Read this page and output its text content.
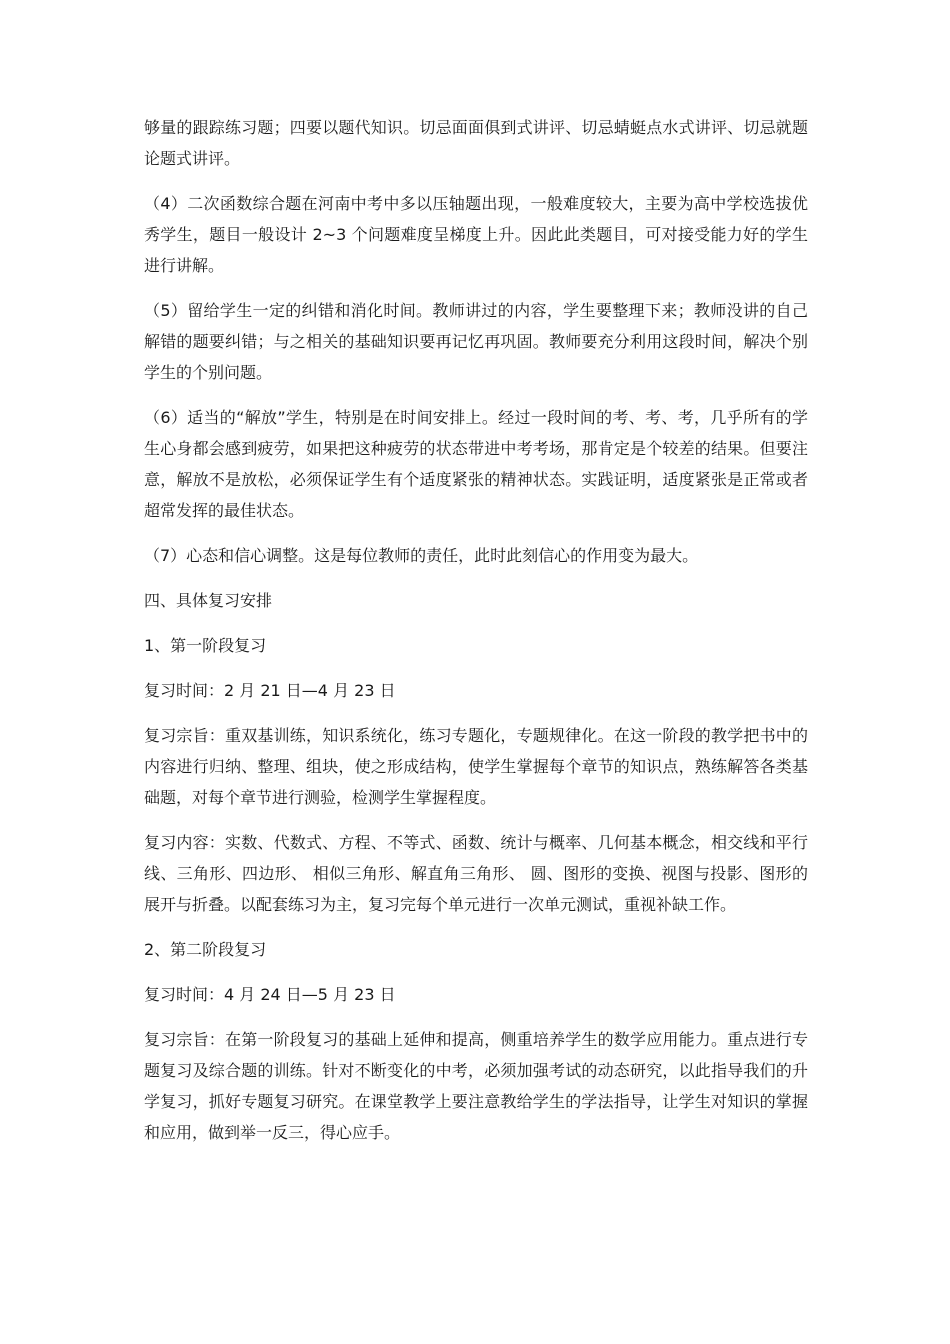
够量的跟踪练习题；四要以题代知识。切忌面面俱到式讲评、切忌蜻蜓点水式讲评、切忌就题论题式讲评。

（4）二次函数综合题在河南中考中多以压轴题出现，一般难度较大，主要为高中学校选拔优秀学生，题目一般设计 2~3 个问题难度呈梯度上升。因此此类题目，可对接受能力好的学生进行讲解。

（5）留给学生一定的纠错和消化时间。教师讲过的内容，学生要整理下来；教师没讲的自己解错的题要纠错；与之相关的基础知识要再记忆再巩固。教师要充分利用这段时间，解决个别学生的个别问题。

（6）适当的“解放”学生，特别是在时间安排上。经过一段时间的考、考、考，几乎所有的学生心身都会感到疲劳，如果把这种疲劳的状态带进中考考场，那肯定是个较差的结果。但要注意，解放不是放松，必须保证学生有个适度紧张的精神状态。实践证明，适度紧张是正常或者超常发挥的最佳状态。

（7）心态和信心调整。这是每位教师的责任，此时此刻信心的作用变为最大。

四、具体复习安排

1、第一阶段复习

复习时间：2 月 21 日—4 月 23 日

复习宗旨：重双基训练，知识系统化，练习专题化，专题规律化。在这一阶段的教学把书中的内容进行归纳、整理、组块，使之形成结构，使学生掌握每个章节的知识点，熟练解答各类基础题，对每个章节进行测验，检测学生掌握程度。

复习内容：实数、代数式、方程、不等式、函数、统计与概率、几何基本概念，相交线和平行线、三角形、四边形、 相似三角形、解直角三角形、 圆、图形的变换、视图与投影、图形的展开与折叠。以配套练习为主，复习完每个单元进行一次单元测试，重视补缺工作。

2、第二阶段复习

复习时间：4 月 24 日—5 月 23 日

复习宗旨：在第一阶段复习的基础上延伸和提高，侧重培养学生的数学应用能力。重点进行专题复习及综合题的训练。针对不断变化的中考，必须加强考试的动态研究，以此指导我们的升学复习，抓好专题复习研究。在课堂教学上要注意教给学生的学法指导，让学生对知识的掌握和应用，做到举一反三，得心应手。
